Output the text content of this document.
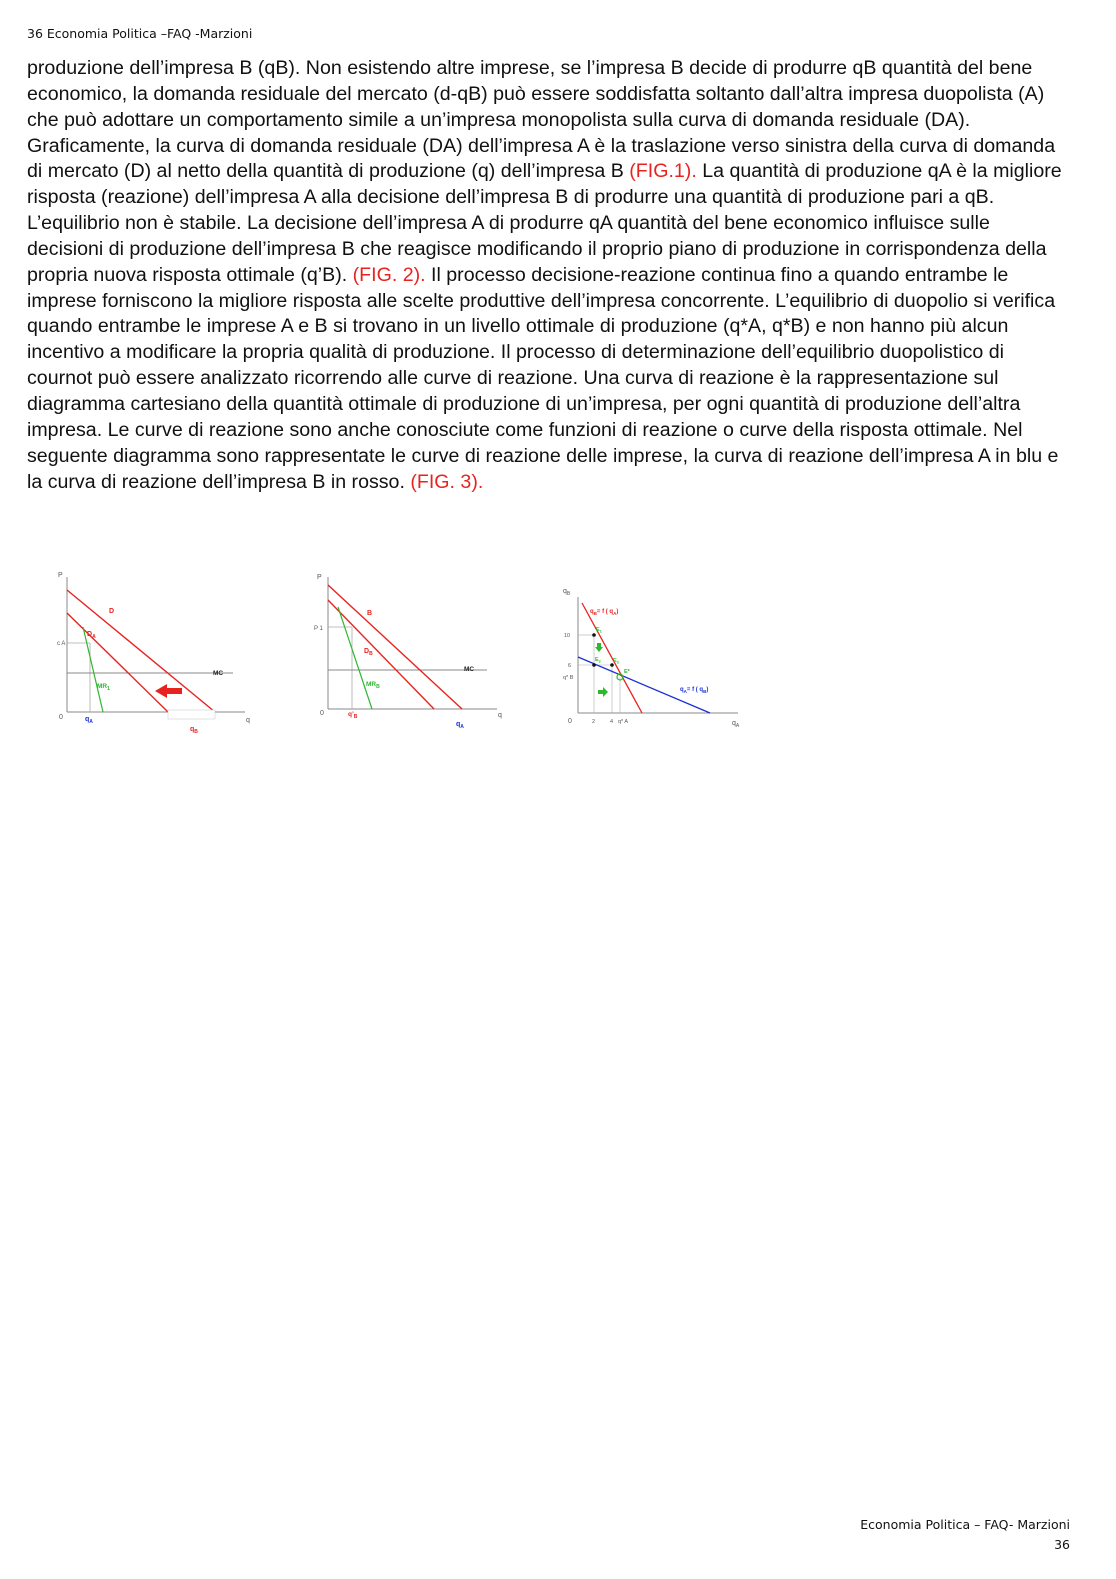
36 Economia Politica –FAQ -Marzioni

produzione dell’impresa B (qB). Non esistendo altre imprese, se l’impresa B decide di produrre qB quantità del bene economico, la domanda residuale del mercato (d-qB) può essere soddisfatta soltanto dall’altra impresa duopolista (A) che può adottare un comportamento simile a un’impresa monopolista sulla curva di domanda residuale (DA). Graficamente, la curva di domanda residuale (DA) dell’impresa A è la traslazione verso sinistra della curva di domanda di mercato (D) al netto della quantità di produzione (q) dell’impresa B (FIG.1). La quantità di produzione qA è la migliore risposta (reazione) dell’impresa A alla decisione dell’impresa B di produrre una quantità di produzione pari a qB. L’equilibrio non è stabile. La decisione dell’impresa A di produrre qA quantità del bene economico influisce sulle decisioni di produzione dell’impresa B che reagisce modificando il proprio piano di produzione in corrispondenza della propria nuova risposta ottimale (q’B). (FIG. 2). Il processo decisione-reazione continua fino a quando entrambe le imprese forniscono la migliore risposta alle scelte produttive dell’impresa concorrente. L’equilibrio di duopolio si verifica quando entrambe le imprese A e B si trovano in un livello ottimale di produzione (q*A, q*B) e non hanno più alcun incentivo a modificare la propria qualità di produzione. Il processo di determinazione dell’equilibrio duopolistico di cournot può essere analizzato ricorrendo alle curve di reazione. Una curva di reazione è la rappresentazione sul diagramma cartesiano della quantità ottimale di produzione di un’impresa, per ogni quantità di produzione dell’altra impresa. Le curve di reazione sono anche conosciute come funzioni di reazione o curve della risposta ottimale. Nel seguente diagramma sono rappresentate le curve di reazione delle imprese, la curva di reazione dell’impresa A in blu e la curva di reazione dell’impresa B in rosso. (FIG. 3).

P
q
0
c A
D
$D_A$
$MR_1$
MC
$q_A$
$q_B$
P
q
0
P 1
B
$D_B$
$MR_B$
MC
$q’_B$
$q_A$
$q_B$
$q_A$
0
10
6
q* B
2	4 q* A
$q_B= f$ ( $q_A$)
$q_A= f$ ( $q_B$)
$E_1$
$E_2$ $E_3$
E*
Economia Politica – FAQ- Marzioni
36
